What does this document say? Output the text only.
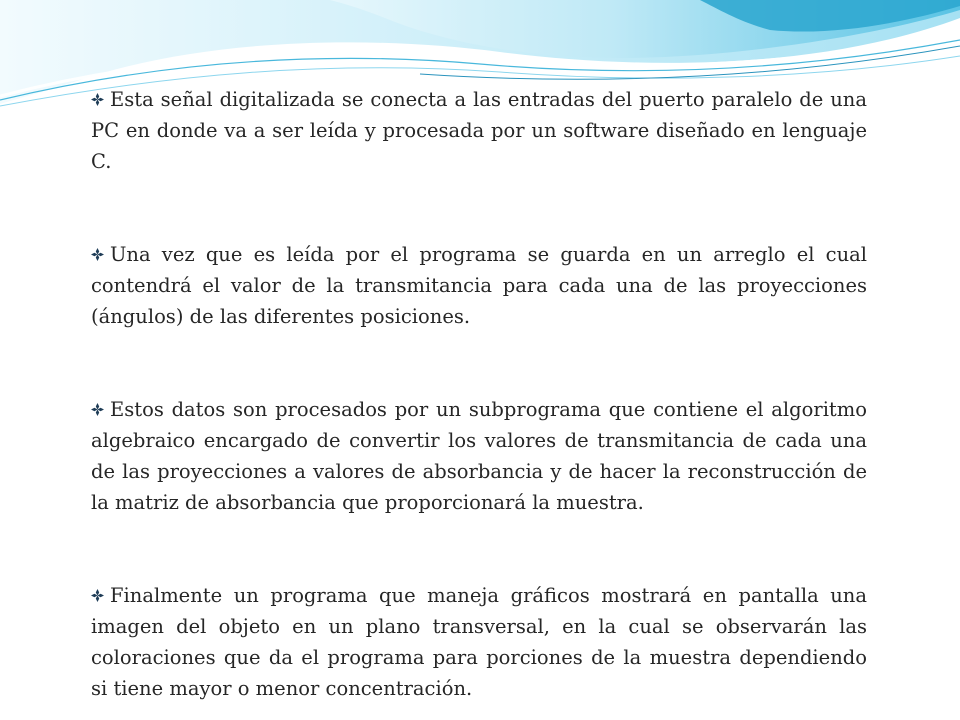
Esta señal digitalizada se conecta a las entradas del puerto paralelo de una PC en donde va a ser leída y procesada por un software diseñado en lenguaje C.

Una vez que es leída por el programa se guarda en un arreglo el cual contendrá el valor de la transmitancia para cada una de las proyecciones (ángulos) de las diferentes posiciones.

Estos datos son procesados por un subprograma que contiene el algoritmo algebraico encargado de convertir los valores de transmitancia de cada una de las proyecciones a valores de absorbancia y de hacer la reconstrucción de la matriz de absorbancia que proporcionará la muestra.

Finalmente un programa que maneja gráficos mostrará en pantalla una imagen del objeto en un plano transversal, en la cual se observarán las coloraciones que da el programa para porciones de la muestra dependiendo si tiene mayor o menor concentración.
